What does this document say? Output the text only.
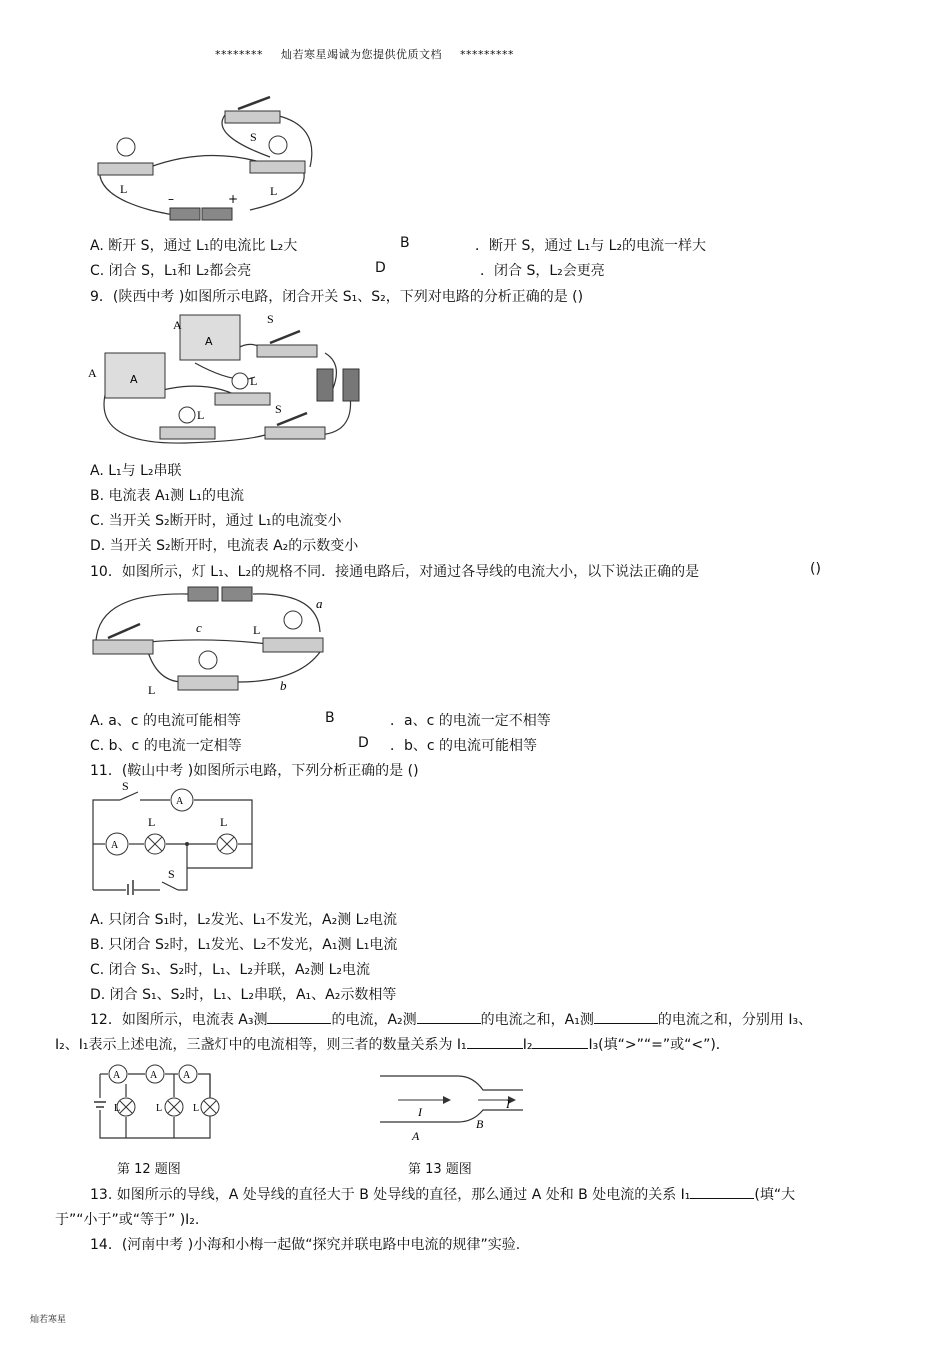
******** 灿若寒星竭诚为您提供优质文档 *********
S
L	L
–	+
A. 断开 S，通过 L₁的电流比 L₂大	B	．断开 S，通过 L₁与 L₂的电流一样大
C. 闭合 S，L₁和 L₂都会亮	D	．闭合 S，L₂会更亮
9．(陕西中考 )如图所示电路，闭合开关 S₁、S₂，下列对电路的分析正确的是 ()
A
A
A
A
S
S
L
L
A. L₁与 L₂串联
B. 电流表 A₁测 L₁的电流
C. 当开关 S₂断开时，通过 L₁的电流变小
D. 当开关 S₂断开时，电流表 A₂的示数变小
10．如图所示，灯 L₁、L₂的规格不同．接通电路后，对通过各导线的电流大小，以下说法正确的是	()
a
c
b
L
L
A. a、c 的电流可能相等	B	．a、c 的电流一定不相等
C. b、c 的电流一定相等	D ．b、c 的电流可能相等
11．(鞍山中考 )如图所示电路，下列分析正确的是 ()
S
A
L	L
A
S
A. 只闭合 S₁时，L₂发光、L₁不发光，A₂测 L₂电流
B. 只闭合 S₂时，L₁发光、L₂不发光，A₁测 L₁电流
C. 闭合 S₁、S₂时，L₁、L₂并联，A₂测 L₂电流
D. 闭合 S₁、S₂时，L₁、L₂串联，A₁、A₂示数相等
12．如图所示，电流表 A₃测	的电流，A₂测	的电流之和，A₁测	的电流之和，分别用 I₃、
I₂、I₁表示上述电流，三盏灯中的电流相等，则三者的数量关系为 I₁	I₂	I₃(填“>”“=”或“<”)．
A	A	A
L	L	L	I
I
A
B
第 12 题图	第 13 题图
13. 如图所示的导线，A 处导线的直径大于 B 处导线的直径，那么通过 A 处和 B 处电流的关系 I₁	(填“大
于”“小于”或“等于” )I₂.
14．(河南中考 )小海和小梅一起做“探究并联电路中电流的规律”实验.
灿若寒星
